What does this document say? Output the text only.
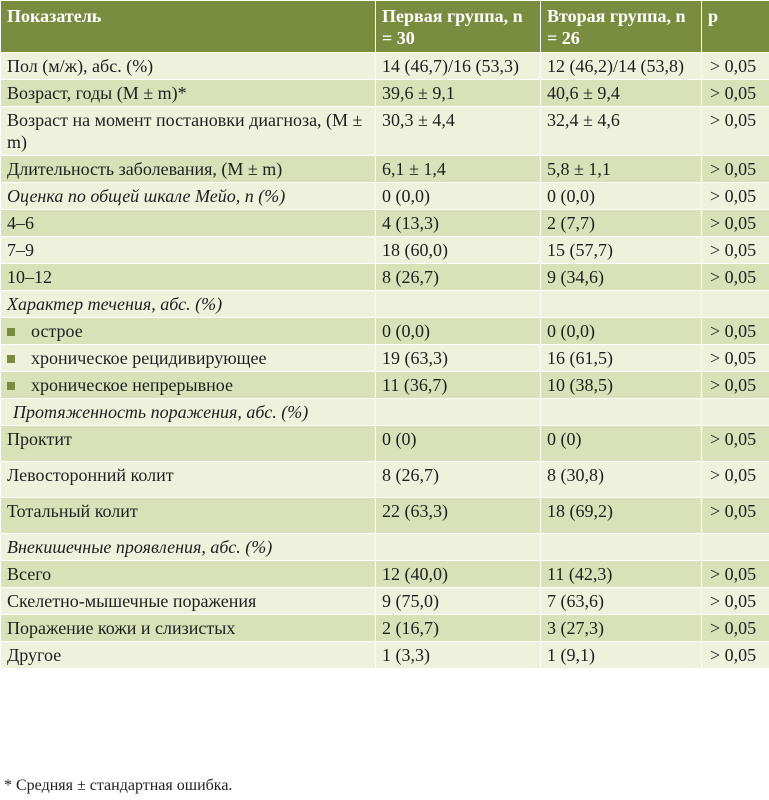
Показатель	Первая группа, n = 30	Вторая группа, n = 26	p
Пол (м/ж), абс. (%)	14 (46,7)/16 (53,3)	12 (46,2)/14 (53,8)	> 0,05
Возраст, годы (M ± m)*	39,6 ± 9,1	40,6 ± 9,4	> 0,05
Возраст на момент постановки диагноза, (M ± m)	30,3 ± 4,4	32,4 ± 4,6	> 0,05
Длительность заболевания, (M ± m)	6,1 ± 1,4	5,8 ± 1,1	> 0,05
Оценка по общей шкале Мейо, n (%)	0 (0,0)	0 (0,0)	> 0,05
4–6	4 (13,3)	2 (7,7)	> 0,05
7–9	18 (60,0)	15 (57,7)	> 0,05
10–12	8 (26,7)	9 (34,6)	> 0,05
Характер течения, абс. (%)			
острое	0 (0,0)	0 (0,0)	> 0,05
хроническое рецидивирующее	19 (63,3)	16 (61,5)	> 0,05
хроническое непрерывное	11 (36,7)	10 (38,5)	> 0,05
Протяженность поражения, абс. (%)			
Проктит	0 (0)	0 (0)	> 0,05
Левосторонний колит	8 (26,7)	8 (30,8)	> 0,05
Тотальный колит	22 (63,3)	18 (69,2)	> 0,05
Внекишечные проявления, абс. (%)			
Всего	12 (40,0)	11 (42,3)	> 0,05
Скелетно-мышечные поражения	9 (75,0)	7 (63,6)	> 0,05
Поражение кожи и слизистых	2 (16,7)	3 (27,3)	> 0,05
Другое	1 (3,3)	1 (9,1)	> 0,05
* Средняя ± стандартная ошибка.
